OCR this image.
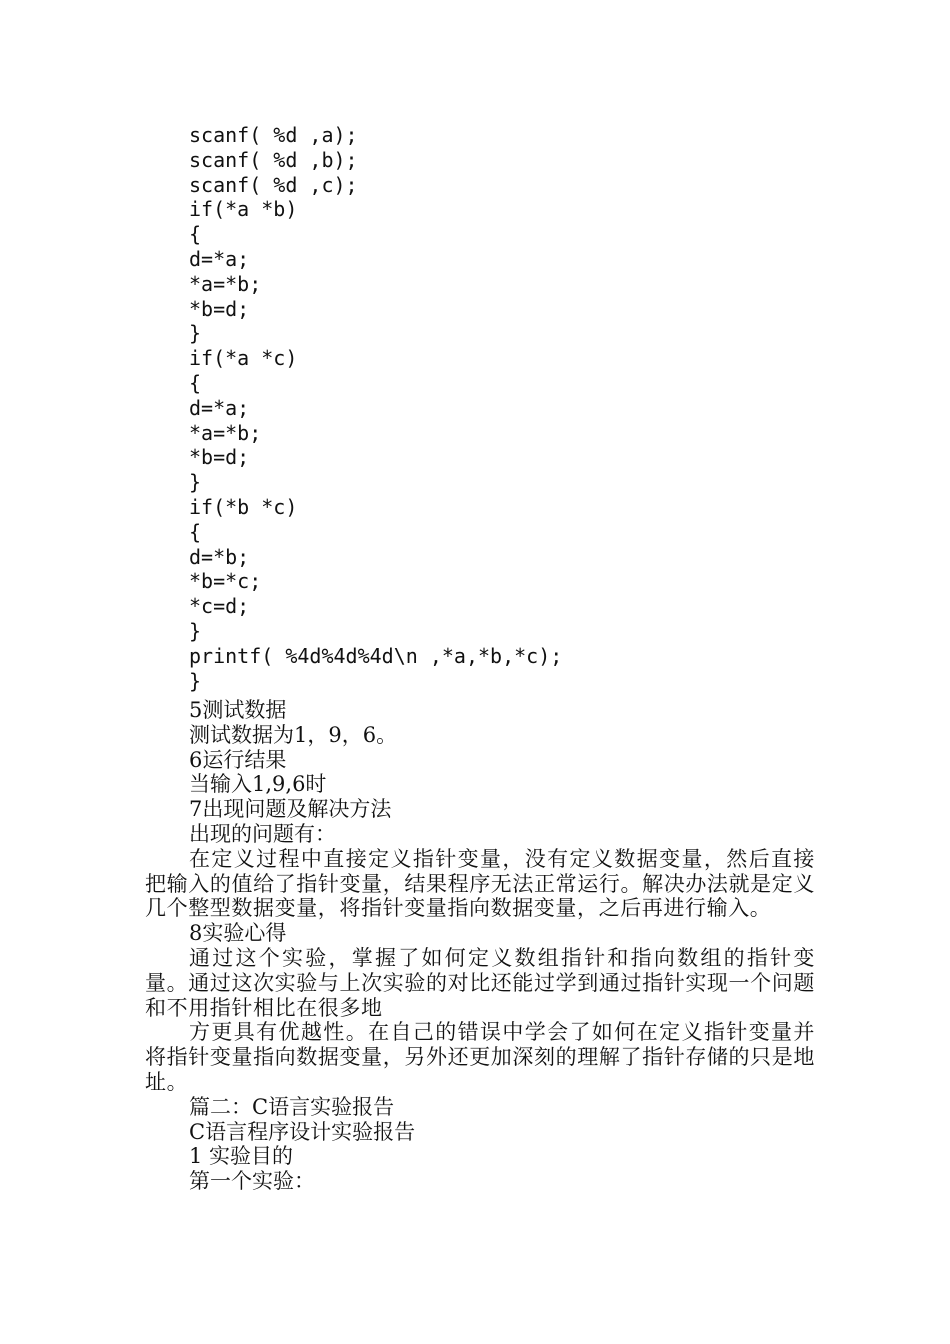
scanf( %d ,a);
scanf( %d ,b);
scanf( %d ,c);
if(*a *b)
{
d=*a;
*a=*b;
*b=d;
}
if(*a *c)
{
d=*a;
*a=*b;
*b=d;
}
if(*b *c)
{
d=*b;
*b=*c;
*c=d;
}
printf( %4d%4d%4d\n ,*a,*b,*c);
}
5测试数据
测试数据为1，9，6。
6运行结果
当输入1,9,6时
7出现问题及解决方法
出现的问题有：
在定义过程中直接定义指针变量，没有定义数据变量，然后直接把输入的值给了指针变量，结果程序无法正常运行。解决办法就是定义几个整型数据变量，将指针变量指向数据变量，之后再进行输入。
8实验心得
通过这个实验，掌握了如何定义数组指针和指向数组的指针变量。通过这次实验与上次实验的对比还能过学到通过指针实现一个问题和不用指针相比在很多地
方更具有优越性。在自己的错误中学会了如何在定义指针变量并将指针变量指向数据变量，另外还更加深刻的理解了指针存储的只是地址。
篇二：C语言实验报告
C语言程序设计实验报告
1 实验目的
第一个实验：
